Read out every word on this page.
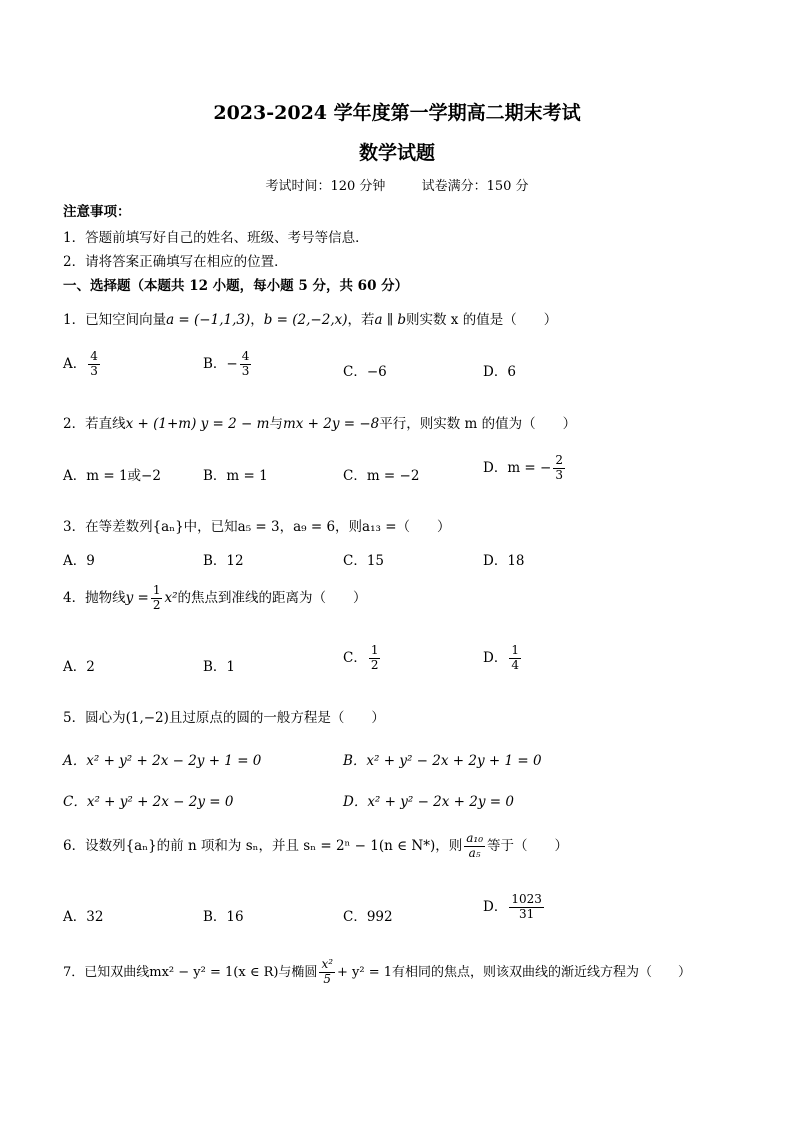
2023-2024 学年度第一学期高二期末考试
数学试题
考试时间：120 分钟	试卷满分：150 分
注意事项：
1．答题前填写好自己的姓名、班级、考号等信息．
2．请将答案正确填写在相应的位置．
一、选择题（本题共 12 小题，每小题 5 分，共 60 分）
1．已知空间向量a = (−1,1,3)，b = (2,−2,x)，若a ∥ b则实数 x 的值是（　　）
A． $\frac{4}{3}$	B．− $\frac{4}{3}$	C．−6	D．6
2．若直线x + (1+m) y = 2 − m与mx + 2y = −8平行，则实数 m 的值为（　　）
A．m = 1或−2	B．m = 1	C．m = −2
D．m = − $\frac{2}{3}$
3．在等差数列{aₙ}中，已知a₅ = 3，a₉ = 6，则a₁₃ =（　　）
A．9	B．12	C．15	D．18
4．抛物线$y = \frac{1}{2} x^2$的焦点到准线的距离为（　　）
A．2	B．1
C． $\frac{1}{2}$	D． $\frac{1}{4}$
5．圆心为(1,−2)且过原点的圆的一般方程是（　　）
A．x² + y² + 2x − 2y + 1 = 0	B．x² + y² − 2x + 2y + 1 = 0
C．x² + y² + 2x − 2y = 0	D．x² + y² − 2x + 2y = 0
6．设数列{aₙ}的前 n 项和为 sₙ，并且 sₙ = 2ⁿ − 1(n ∈ N*)，则 $\frac{\text{a₁₀}}{\text{a₅}}$ 等于（　　）
A．32	B．16	C．992
D． $\frac{1023}{31}$
7．已知双曲线mx² − y² = 1(x ∈ R)与椭圆 $\frac{\text{x²}}{5} + y^2 = 1$有相同的焦点，则该双曲线的渐近线方程为（　　）
